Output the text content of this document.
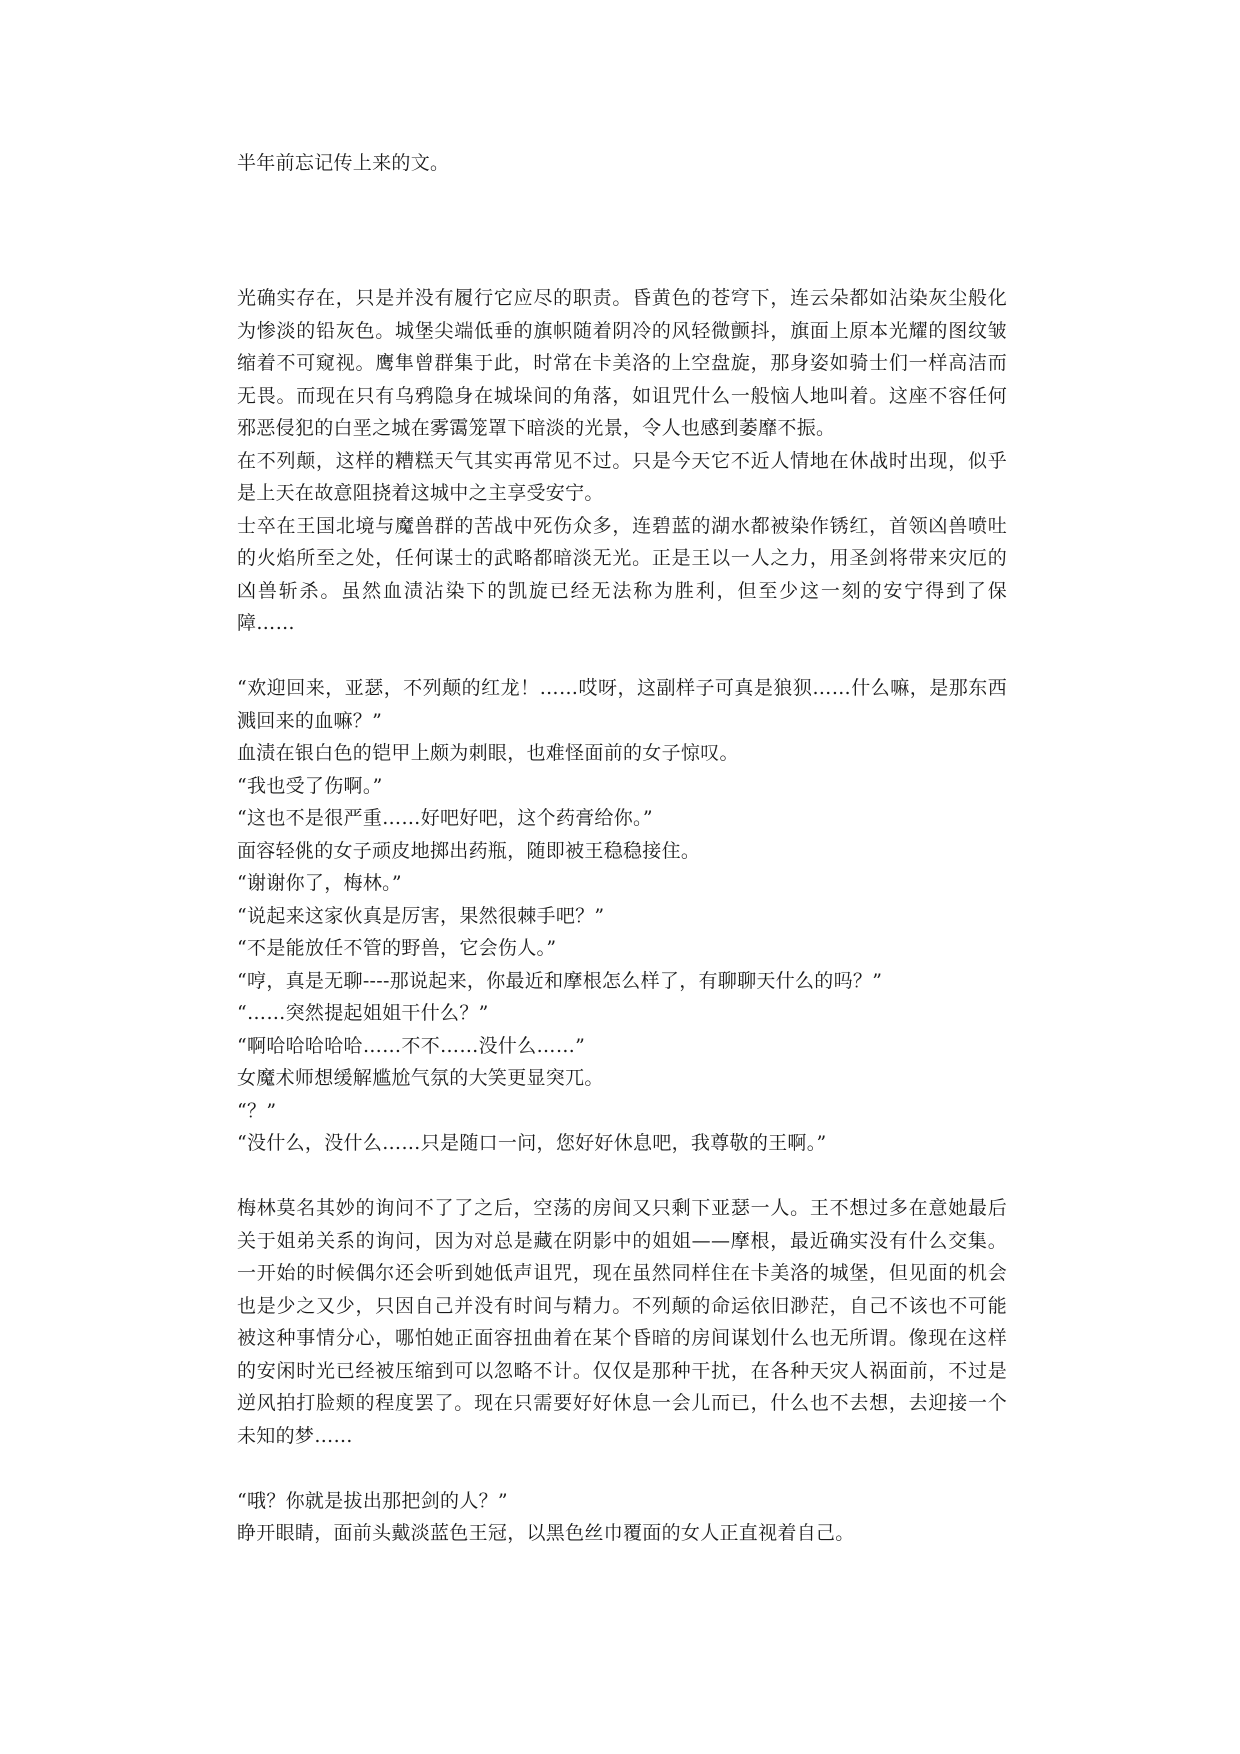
半年前忘记传上来的文。

光确实存在，只是并没有履行它应尽的职责。昏黄色的苍穹下，连云朵都如沾染灰尘般化为惨淡的铅灰色。城堡尖端低垂的旗帜随着阴冷的风轻微颤抖，旗面上原本光耀的图纹皱缩着不可窥视。鹰隼曾群集于此，时常在卡美洛的上空盘旋，那身姿如骑士们一样高洁而无畏。而现在只有乌鸦隐身在城垛间的角落，如诅咒什么一般恼人地叫着。这座不容任何邪恶侵犯的白垩之城在雾霭笼罩下暗淡的光景，令人也感到萎靡不振。

在不列颠，这样的糟糕天气其实再常见不过。只是今天它不近人情地在休战时出现，似乎是上天在故意阻挠着这城中之主享受安宁。

士卒在王国北境与魔兽群的苦战中死伤众多，连碧蓝的湖水都被染作锈红，首领凶兽喷吐的火焰所至之处，任何谋士的武略都暗淡无光。正是王以一人之力，用圣剑将带来灾厄的凶兽斩杀。虽然血渍沾染下的凯旋已经无法称为胜利，但至少这一刻的安宁得到了保障……

“欢迎回来，亚瑟，不列颠的红龙！……哎呀，这副样子可真是狼狈……什么嘛，是那东西溅回来的血嘛？”

血渍在银白色的铠甲上颇为刺眼，也难怪面前的女子惊叹。

“我也受了伤啊。”

“这也不是很严重……好吧好吧，这个药膏给你。”

面容轻佻的女子顽皮地掷出药瓶，随即被王稳稳接住。

“谢谢你了，梅林。”

“说起来这家伙真是厉害，果然很棘手吧？”

“不是能放任不管的野兽，它会伤人。”

“哼，真是无聊----那说起来，你最近和摩根怎么样了，有聊聊天什么的吗？”

“……突然提起姐姐干什么？”

“啊哈哈哈哈哈……不不……没什么……”

女魔术师想缓解尴尬气氛的大笑更显突兀。

“？”

“没什么，没什么……只是随口一问，您好好休息吧，我尊敬的王啊。”

梅林莫名其妙的询问不了了之后，空荡的房间又只剩下亚瑟一人。王不想过多在意她最后关于姐弟关系的询问，因为对总是藏在阴影中的姐姐——摩根，最近确实没有什么交集。一开始的时候偶尔还会听到她低声诅咒，现在虽然同样住在卡美洛的城堡，但见面的机会也是少之又少，只因自己并没有时间与精力。不列颠的命运依旧渺茫，自己不该也不可能被这种事情分心，哪怕她正面容扭曲着在某个昏暗的房间谋划什么也无所谓。像现在这样的安闲时光已经被压缩到可以忽略不计。仅仅是那种干扰，在各种天灾人祸面前，不过是逆风拍打脸颊的程度罢了。现在只需要好好休息一会儿而已，什么也不去想，去迎接一个未知的梦……

“哦？你就是拔出那把剑的人？”

睁开眼睛，面前头戴淡蓝色王冠，以黑色丝巾覆面的女人正直视着自己。
